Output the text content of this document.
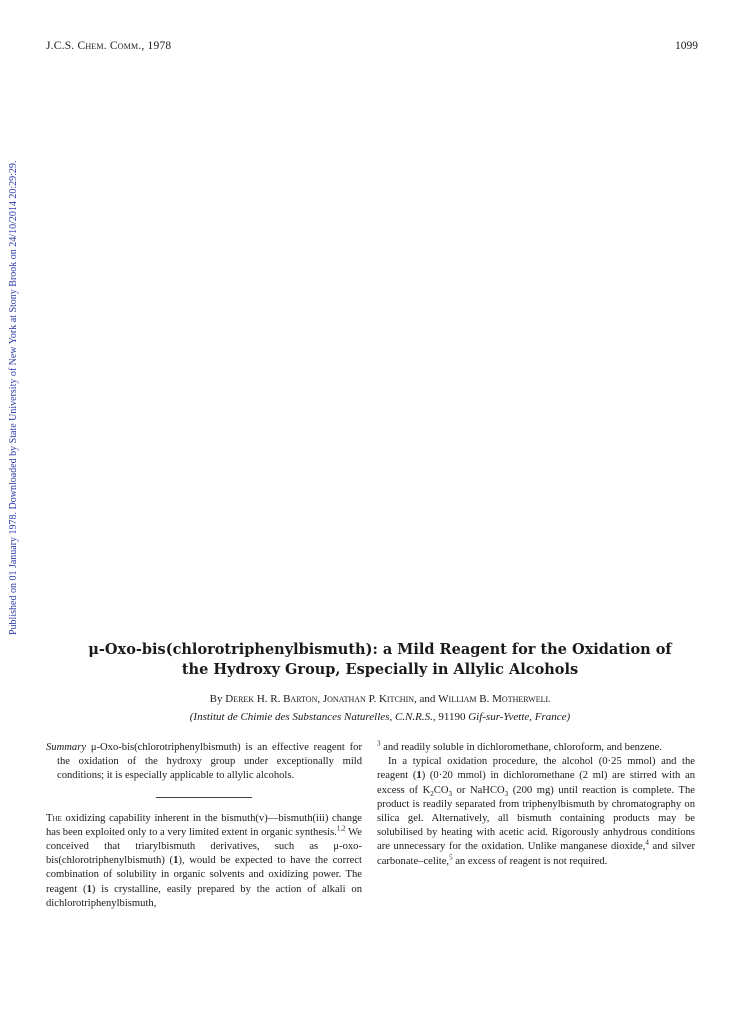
J.C.S. Chem. Comm., 1978	1099
Published on 01 January 1978. Downloaded by State University of New York at Stony Brook on 24/10/2014 20:29:29.
μ-Oxo-bis(chlorotriphenylbismuth): a Mild Reagent for the Oxidation of
the Hydroxy Group, Especially in Allylic Alcohols
By Derek H. R. Barton, Jonathan P. Kitchin, and William B. Motherwell
(Institut de Chimie des Substances Naturelles, C.N.R.S., 91190 Gif-sur-Yvette, France)

Summary μ-Oxo-bis(chlorotriphenylbismuth) is an effective reagent for the oxidation of the hydroxy group under exceptionally mild conditions; it is especially applicable to allylic alcohols.

The oxidizing capability inherent in the bismuth(v)—bismuth(iii) change has been exploited only to a very limited extent in organic synthesis.$^{1,2}$ We conceived that triarylbismuth derivatives, such as μ-oxo-bis(chlorotriphenylbismuth) (1), would be expected to have the correct combination of solubility in organic solvents and oxidizing power. The reagent (1) is crystalline, easily prepared by the action of alkali on dichlorotriphenylbismuth,

$^3$ and readily soluble in dichloromethane, chloroform, and benzene.

In a typical oxidation procedure, the alcohol (0·25 mmol) and the reagent (1) (0·20 mmol) in dichloromethane (2 ml) are stirred with an excess of $K_2CO_3$ or NaHCO$_3$ (200 mg) until reaction is complete. The product is readily separated from triphenylbismuth by chromatography on silica gel. Alternatively, all bismuth containing products may be solubilised by heating with acetic acid. Rigorously anhydrous conditions are unnecessary for the oxidation. Unlike manganese dioxide,$^4$ and silver carbonate–celite,$^5$ an excess of reagent is not required.
